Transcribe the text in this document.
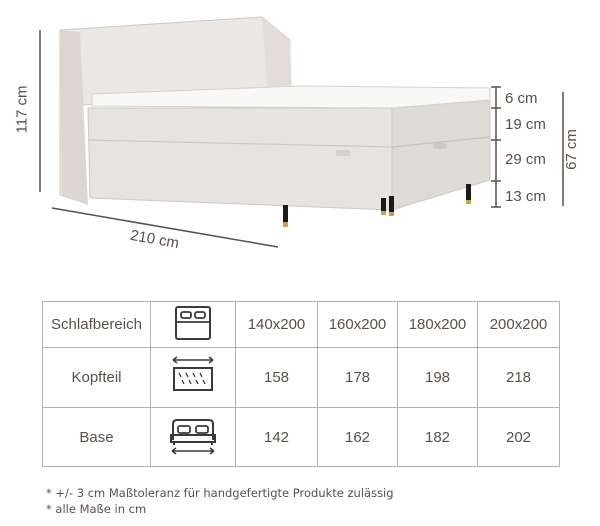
117 cm
210 cm
6 cm
19 cm
29 cm
13 cm
67 cm
Schlafbereich		140x200	160x200	180x200	200x200
Kopfteil		158	178	198	218
Base		142	162	182	202
* +/- 3 cm Maßtoleranz für handgefertigte Produkte zulässig
* alle Maße in cm
